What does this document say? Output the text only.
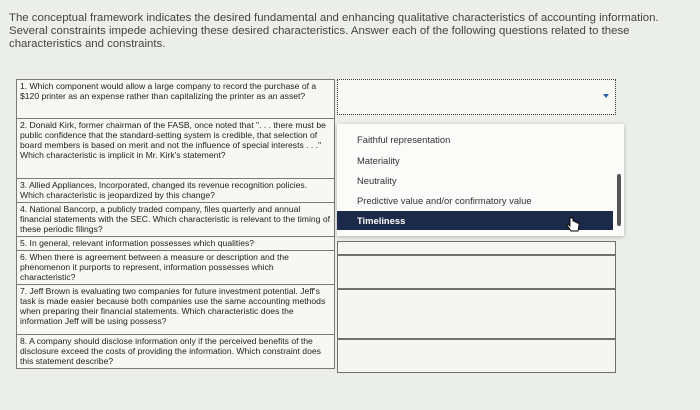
The conceptual framework indicates the desired fundamental and enhancing qualitative characteristics of accounting information. Several constraints impede achieving these desired characteristics. Answer each of the following questions related to these characteristics and constraints.
1. Which component would allow a large company to record the purchase of a $120 printer as an expense rather than capitalizing the printer as an asset?
2. Donald Kirk, former chairman of the FASB, once noted that ". . . there must be public confidence that the standard-setting system is credible, that selection of board members is based on merit and not the influence of special interests . . ." Which characteristic is implicit in Mr. Kirk's statement?
3. Allied Appliances, Incorporated, changed its revenue recognition policies. Which characteristic is jeopardized by this change?
4. National Bancorp, a publicly traded company, files quarterly and annual financial statements with the SEC. Which characteristic is relevant to the timing of these periodic filings?
5. In general, relevant information possesses which qualities?
6. When there is agreement between a measure or description and the phenomenon it purports to represent, information possesses which characteristic?
7. Jeff Brown is evaluating two companies for future investment potential. Jeff's task is made easier because both companies use the same accounting methods when preparing their financial statements. Which characteristic does the information Jeff will be using possess?
8. A company should disclose information only if the perceived benefits of the disclosure exceed the costs of providing the information. Which constraint does this statement describe?
Faithful representation
Materiality
Neutrality
Predictive value and/or confirmatory value
Timeliness
